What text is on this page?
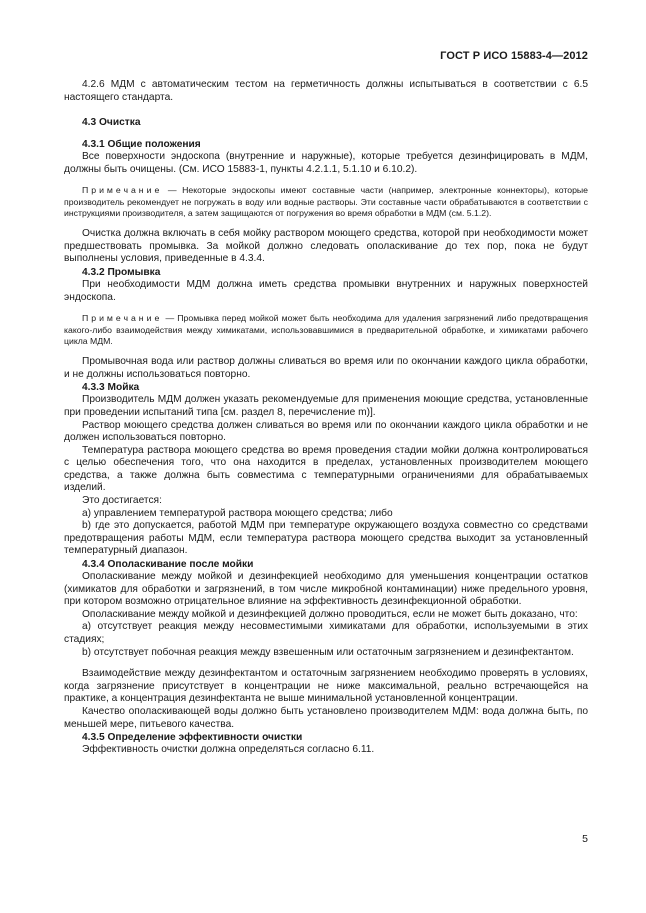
ГОСТ Р ИСО 15883-4—2012

4.2.6 МДМ с автоматическим тестом на герметичность должны испытываться в соответствии с 6.5 настоящего стандарта.

4.3 Очистка

4.3.1 Общие положения

Все поверхности эндоскопа (внутренние и наружные), которые требуется дезинфицировать в МДМ, должны быть очищены. (См. ИСО 15883-1, пункты 4.2.1.1, 5.1.10 и 6.10.2).

Примечание — Некоторые эндоскопы имеют составные части (например, электронные коннекторы), которые производитель рекомендует не погружать в воду или водные растворы. Эти составные части обрабатываются в соответствии с инструкциями производителя, а затем защищаются от погружения во время обработки в МДМ (см. 5.1.2).

Очистка должна включать в себя мойку раствором моющего средства, которой при необходимости может предшествовать промывка. За мойкой должно следовать ополаскивание до тех пор, пока не будут выполнены условия, приведенные в 4.3.4.

4.3.2 Промывка

При необходимости МДМ должна иметь средства промывки внутренних и наружных поверхностей эндоскопа.

Примечание — Промывка перед мойкой может быть необходима для удаления загрязнений либо предотвращения какого-либо взаимодействия между химикатами, использовавшимися в предварительной обработке, и химикатами рабочего цикла МДМ.

Промывочная вода или раствор должны сливаться во время или по окончании каждого цикла обработки, и не должны использоваться повторно.

4.3.3 Мойка

Производитель МДМ должен указать рекомендуемые для применения моющие средства, установленные при проведении испытаний типа [см. раздел 8, перечисление m)].

Раствор моющего средства должен сливаться во время или по окончании каждого цикла обработки и не должен использоваться повторно.

Температура раствора моющего средства во время проведения стадии мойки должна контролироваться с целью обеспечения того, что она находится в пределах, установленных производителем моющего средства, а также должна быть совместима с температурными ограничениями для обрабатываемых изделий.

Это достигается:

а) управлением температурой раствора моющего средства; либо

b) где это допускается, работой МДМ при температуре окружающего воздуха совместно со средствами предотвращения работы МДМ, если температура раствора моющего средства выходит за установленный температурный диапазон.

4.3.4 Ополаскивание после мойки

Ополаскивание между мойкой и дезинфекцией необходимо для уменьшения концентрации остатков (химикатов для обработки и загрязнений, в том числе микробной контаминации) ниже предельного уровня, при котором возможно отрицательное влияние на эффективность дезинфекционной обработки.

Ополаскивание между мойкой и дезинфекцией должно проводиться, если не может быть доказано, что:

а) отсутствует реакция между несовместимыми химикатами для обработки, используемыми в этих стадиях;

b) отсутствует побочная реакция между взвешенным или остаточным загрязнением и дезинфектантом.

Взаимодействие между дезинфектантом и остаточным загрязнением необходимо проверять в условиях, когда загрязнение присутствует в концентрации не ниже максимальной, реально встречающейся на практике, а концентрация дезинфектанта не выше минимальной установленной концентрации.

Качество ополаскивающей воды должно быть установлено производителем МДМ: вода должна быть, по меньшей мере, питьевого качества.

4.3.5 Определение эффективности очистки

Эффективность очистки должна определяться согласно 6.11.

5
